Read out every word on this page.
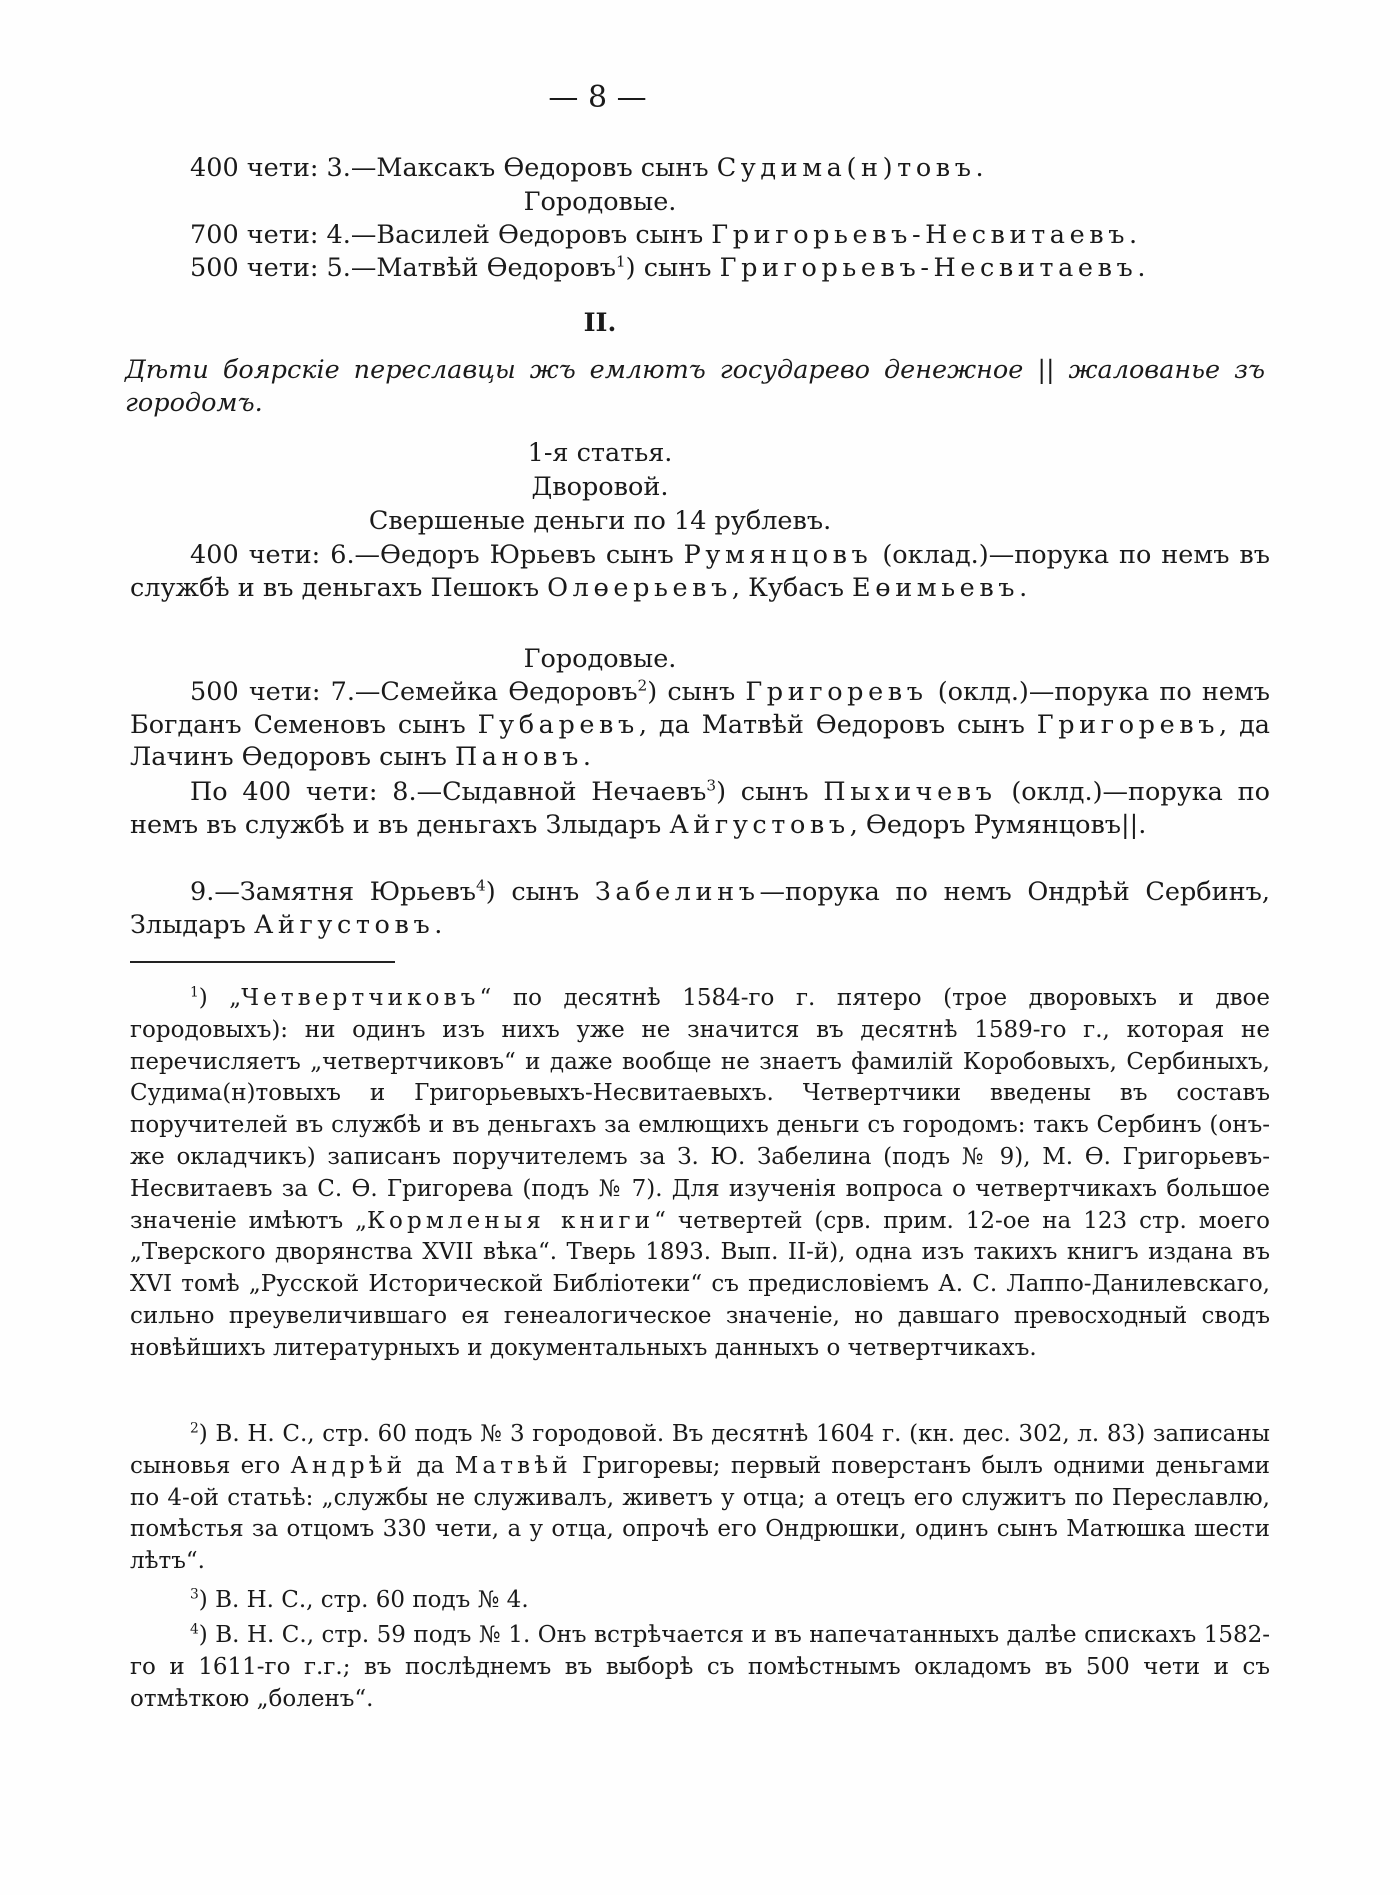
— 8 —
400 чети: 3.—Максакъ Өедоровъ сынъ Судима(н)товъ.
Городовые.
700 чети: 4.—Василей Өедоровъ сынъ Григорьевъ-Несвитаевъ.
500 чети: 5.—Матвѣй Өедоровъ$^1$) сынъ Григорьевъ-Несвитаевъ.
II.
Дѣти боярскіе переславцы жъ емлютъ государево денежное || жалованье зъ городомъ.
1-я статья.
Дворовой.
Свершеные деньги по 14 рублевъ.
400 чети: 6.—Өедоръ Юрьевъ сынъ Румянцовъ (оклад.)—порука по немъ въ службѣ и въ деньгахъ Пешокъ Олөерьевъ, Кубасъ Еөимьевъ.
Городовые.
500 чети: 7.—Семейка Өедоровъ$^2$) сынъ Григоревъ (оклд.)—порука по немъ Богданъ Семеновъ сынъ Губаревъ, да Матвѣй Өедоровъ сынъ Григоревъ, да Лачинъ Өедоровъ сынъ Пановъ.
По 400 чети: 8.—Сыдавной Нечаевъ$^3$) сынъ Пыхичевъ (оклд.)—порука по немъ въ службѣ и въ деньгахъ Злыдаръ Айгустовъ, Өедоръ Румянцовъ||.
9.—Замятня Юрьевъ$^4$) сынъ Забелинъ—порука по немъ Ондрѣй Сербинъ, Злыдаръ Айгустовъ.
$^1$) „Четвертчиковъ“ по десятнѣ 1584-го г. пятеро (трое дворовыхъ и двое городовыхъ): ни одинъ изъ нихъ уже не значится въ десятнѣ 1589-го г., которая не перечисляетъ „четвертчиковъ“ и даже вообще не знаетъ фамилій Коробовыхъ, Сербиныхъ, Судима(н)товыхъ и Григорьевыхъ-Несвитаевыхъ. Четвертчики введены въ составъ поручителей въ службѣ и въ деньгахъ за емлющихъ деньги съ городомъ: такъ Сербинъ (онъ-же окладчикъ) записанъ поручителемъ за З. Ю. Забелина (подъ № 9), М. Ө. Григорьевъ-Несвитаевъ за С. Ө. Григорева (подъ № 7). Для изученія вопроса о четвертчикахъ большое значеніе имѣютъ „Кормленыя книги“ четвертей (срв. прим. 12-ое на 123 стр. моего „Тверского дворянства XVII вѣка“. Тверь 1893. Вып. II-й), одна изъ такихъ книгъ издана въ XVI томѣ „Русской Исторической Библіотеки“ съ предисловіемъ А. С. Лаппо-Данилевскаго, сильно преувеличившаго ея генеалогическое значеніе, но давшаго превосходный сводъ новѣйшихъ литературныхъ и документальныхъ данныхъ о четвертчикахъ.
$^2$) В. Н. С., стр. 60 подъ № 3 городовой. Въ десятнѣ 1604 г. (кн. дес. 302, л. 83) записаны сыновья его Андрѣй да Матвѣй Григоревы; первый поверстанъ былъ одними деньгами по 4-ой статьѣ: „службы не служивалъ, живетъ у отца; а отецъ его служитъ по Переславлю, помѣстья за отцомъ 330 чети, а у отца, опрочѣ его Ондрюшки, одинъ сынъ Матюшка шести лѣтъ“.
$^3$) В. Н. С., стр. 60 подъ № 4.
$^4$) В. Н. С., стр. 59 подъ № 1. Онъ встрѣчается и въ напечатанныхъ далѣе спискахъ 1582-го и 1611-го г.г.; въ послѣднемъ въ выборѣ съ помѣстнымъ окладомъ въ 500 чети и съ отмѣткою „боленъ“.
